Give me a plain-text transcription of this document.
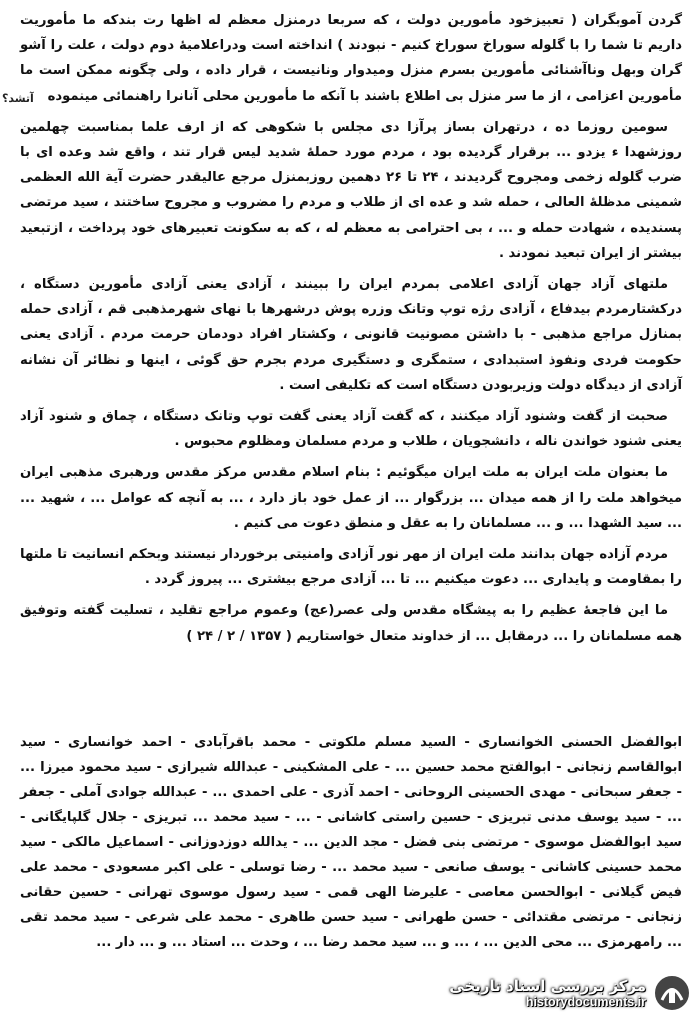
آتشد؟

گردن آموبگران ( تعبیزخود مأمورین دولت ، که سربعا درمنزل معظم له اظها رت بندکه ما مأموریت داریم تا شما را با گلوله سوراخ سوراخ کنیم - نبودند ) انداخته است ودراعلامیهٔ دوم دولت ، علت را آشو گران وبهل وناآشنائی مأمورین بسرم منزل ومیدوار ونانیست ، قرار داده ، ولی چگونه ممکن است ما مأمورین اعزامی ، از ما سر منزل بی اطلاع باشند با آنکه ما مأمورین محلی آنانرا راهنمائی مینموده

سومین روزما ده ، درتهران بساز پرآزا دی مجلس با شکوهی که از ارف علما بمناسبت چهلمین روزشهدا ء یزدو ... برقرار گردیده بود ، مردم مورد حملهٔ شدید لیس قرار تند ، واقع شد وعده ای با ضرب گلوله زخمی ومجروح گردیدند ، ۲۴ تا ۲۶ دهمین روزبمنزل مرجع عالیقدر حضرت آیة الله العظمی شمینی مدظلهٔ العالی ، حمله شد و عده ای از طلاب و مردم را مضروب و مجروح ساختند ، سید مرتضی پسندیده ، شهادت حمله و ... ، بی احترامی به معظم له ، که به سکونت تعبیرهای خود پرداخت ، ازتبعید بیشتر از ایران تبعید نمودند .

ملتهای آزاد جهان آزادی اعلامی بمردم ایران را ببینند ، آزادی یعنی آزادی مأمورین دستگاه ، درکشتارمردم بیدفاع ، آزادی رژه توپ وتانک وزره پوش درشهرها با نهای شهرمذهبی قم ، آزادی حمله بمنازل مراجع مذهبی - با داشتن مصونیت قانونی ، وکشتار افراد دودمان حرمت مردم . آزادی یعنی حکومت فردی ونفوذ استبدادی ، ستمگری و دستگیری مردم بجرم حق گوئی ، اینها و نظائر آن نشانه آزادی از دیدگاه دولت وزیربودن دستگاه است که تکلیفی است .

صحبت از گفت وشنود آزاد میکنند ، که گفت آزاد یعنی گفت توپ وتانک دستگاه ، چماق و شنود آزاد یعنی شنود خواندن ناله ، دانشجویان ، طلاب و مردم مسلمان ومظلوم محبوس .

ما بعنوان ملت ایران به ملت ایران میگوئیم : بنام اسلام مقدس مرکز مقدس ورهبری مذهبی ایران میخواهد ملت را از همه میدان ... بزرگوار ... از عمل خود باز دارد ، ... به آنچه که عوامل ... ، شهید ... ... سید الشهدا ... و ... مسلمانان را به عقل و منطق دعوت می کنیم .

مردم آزاده جهان بدانند ملت ایران از مهر نور آزادی وامنیتی برخوردار نیستند وبحکم انسانیت تا ملتها را بمقاومت و پایداری ... دعوت میکنیم ... تا ... آزادی مرجع بیشتری ... پیروز گردد .

ما این فاجعهٔ عظیم را به پیشگاه مقدس ولی عصر(عج) وعموم مراجع تقلید ، تسلیت گفته وتوفیق همه مسلمانان را ... درمقابل ... از خداوند متعال خواستاریم ( ۲۴ / ۲ / ۱۳۵۷ )

ابوالفضل الحسنی الخوانساری - السید مسلم ملکوتی - محمد باقرآبادی - احمد خوانساری - سید ابوالقاسم زنجانی - ابوالفتح محمد حسین ... - علی المشکینی - عبدالله شیرازی - سید محمود میرزا ... - جعفر سبحانی - مهدی الحسینی الروحانی - احمد آذری - علی احمدی ... - عبدالله جوادی آملی - جعفر ... - سید یوسف مدنی تبریزی - حسین راستی کاشانی - ... - سید محمد ... تبریزی - جلال گلپایگانی - سید ابوالفضل موسوی - مرتضی بنی فضل - مجد الدین ... - یدالله دوزدوزانی - اسماعیل مالکی - سید محمد حسینی کاشانی - یوسف صانعی - سید محمد ... - رضا توسلی - علی اکبر مسعودی - محمد علی فیض گیلانی - ابوالحسن معاصی - علیرضا الهی قمی - سید رسول موسوی تهرانی - حسین حقانی زنجانی - مرتضی مقتدائی - حسن طهرانی - سید حسن طاهری - محمد علی شرعی - سید محمد تقی ... رامهرمزی ... محی الدین ... ، ... و ... سید محمد رضا ... ، وحدت ... استاد ... و ... دار ...

مرکز بررسی اسناد تاریخی
historydocuments.ir
